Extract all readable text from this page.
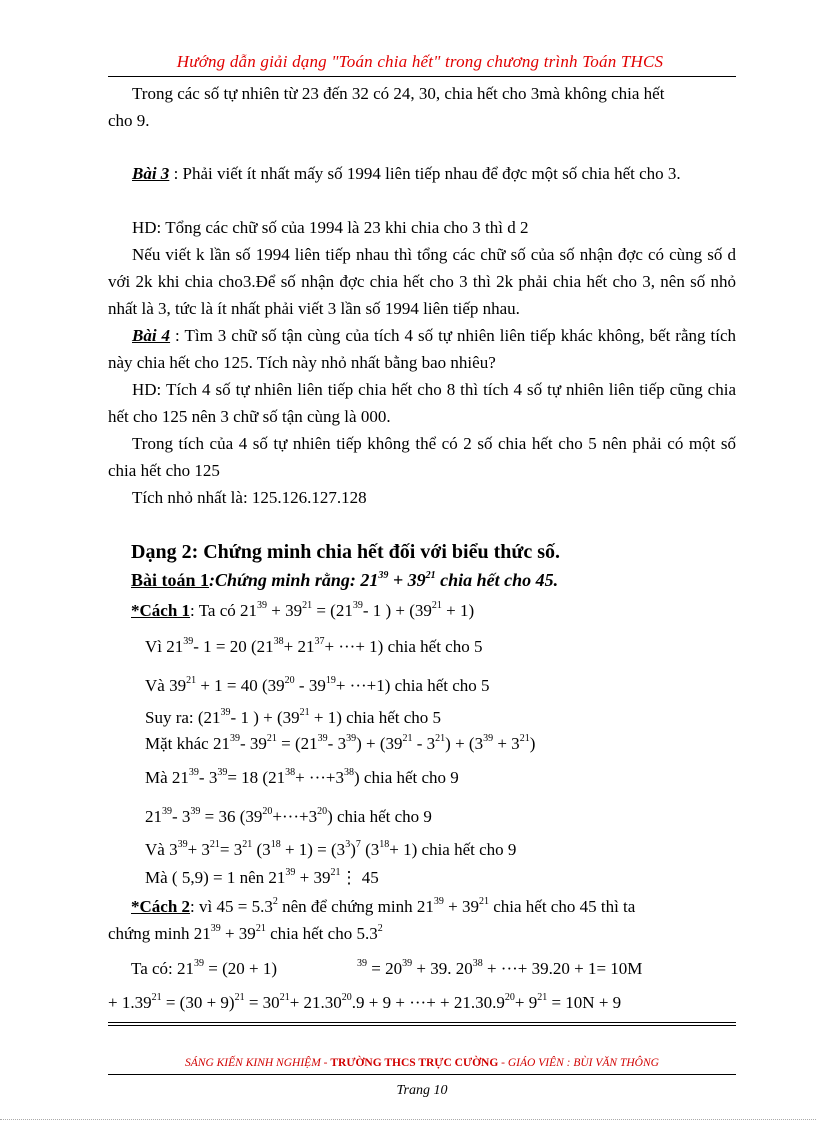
Hướng dẫn giải dạng "Toán chia hết" trong chương trình Toán THCS
Trong các số tự nhiên từ 23 đến 32 có 24, 30, chia hết cho 3mà không chia hết
cho 9.
Bài 3 : Phải viết ít nhất mấy số 1994 liên tiếp nhau để đợc một số chia hết cho 3.
HD: Tổng các chữ số của 1994 là 23 khi chia cho 3 thì d 2
Nếu viết k lần số 1994 liên tiếp nhau thì tổng các chữ số của số nhận đợc có cùng số d với 2k khi chia cho3.Để số nhận đợc chia hết cho 3 thì 2k phải chia hết cho 3, nên số nhỏ nhất là 3, tức là ít nhất phải viết 3 lần số 1994 liên tiếp nhau.
Bài 4 : Tìm 3 chữ số tận cùng của tích 4 số tự nhiên liên tiếp khác không, bết rằng tích này chia hết cho 125. Tích này nhỏ nhất bằng bao nhiêu?
HD: Tích 4 số tự nhiên liên tiếp chia hết cho 8 thì tích 4 số tự nhiên liên tiếp cũng chia hết cho 125 nên 3 chữ số tận cùng là 000.
Trong tích của 4 số tự nhiên tiếp không thể có 2 số chia hết cho 5 nên phải có một số chia hết cho 125
Tích nhỏ nhất là: 125.126.127.128
Dạng 2: Chứng minh chia hết đối với biểu thức số.
Bài toán 1:Chứng minh rằng: $21^{39} + 39^{21}$ chia hết cho 45.
*Cách 1: Ta có $21^{39} + 39^{21} = (21^{39}-$ 1 ) + $(39^{21} + 1)$
Vì $21^{39}-$ 1 = 20 ($21^{38}+ 21^{37}+$ ···+ 1) chia hết cho 5
Và $39^{21} + 1 = 40$ $(39^{20} - 39^{19}+ \cdot\cdot\cdot+1)$ chia hết cho 5
Suy ra: ($21^{39}-$ 1 ) + $(39^{21} + 1)$ chia hết cho 5
Mặt khác $21^{39}-$ $39^{21} = (21^{39}-$ $3^{39}) + (39^{21} - 3^{21}) + (3^{39} + 3^{21})$
Mà $21^{39}-$ $3^{39}= 18$ $(21^{38}+ \cdot\cdot\cdot+3^{38})$ chia hết cho 9
$21^{39}-$ $3^{39} = 36$ $(39^{20}+\cdot\cdot\cdot+3^{20})$ chia hết cho 9
Và $3^{39}+ 3^{21}= 3^{21}$ $(3^{18} + 1) = (3^3)^7$ $(3^{18}+ 1)$ chia hết cho 9
Mà ( 5,9) = 1 nên $21^{39}$ + $39^{21}⋮$ 45
*Cách 2: vì $45 = 5.3^2$ nên để chứng minh $21^{39} + 39^{21}$ chia hết cho 45 thì ta
chứng minh $21^{39} + 39^{21}$ chia hết cho $5.3^2$
Ta có: $21^{39} = (20 + 1)$	$^{39} = 20^{39} + 39$. $20^{38}$ + ···+ 39.20 + 1= 10M
+ $1.39^{21} = (30 + 9)^{21} = 30^{21}+ 21.30^{20}.9 + 9$ + ···+ + $21.30.9^{20}+ 9^{21} = 10N + 9$
SÁNG KIẾN KINH NGHIỆM - TRƯỜNG THCS TRỰC CƯỜNG - GIÁO VIÊN : BÙI VĂN THÔNG
Trang 10
